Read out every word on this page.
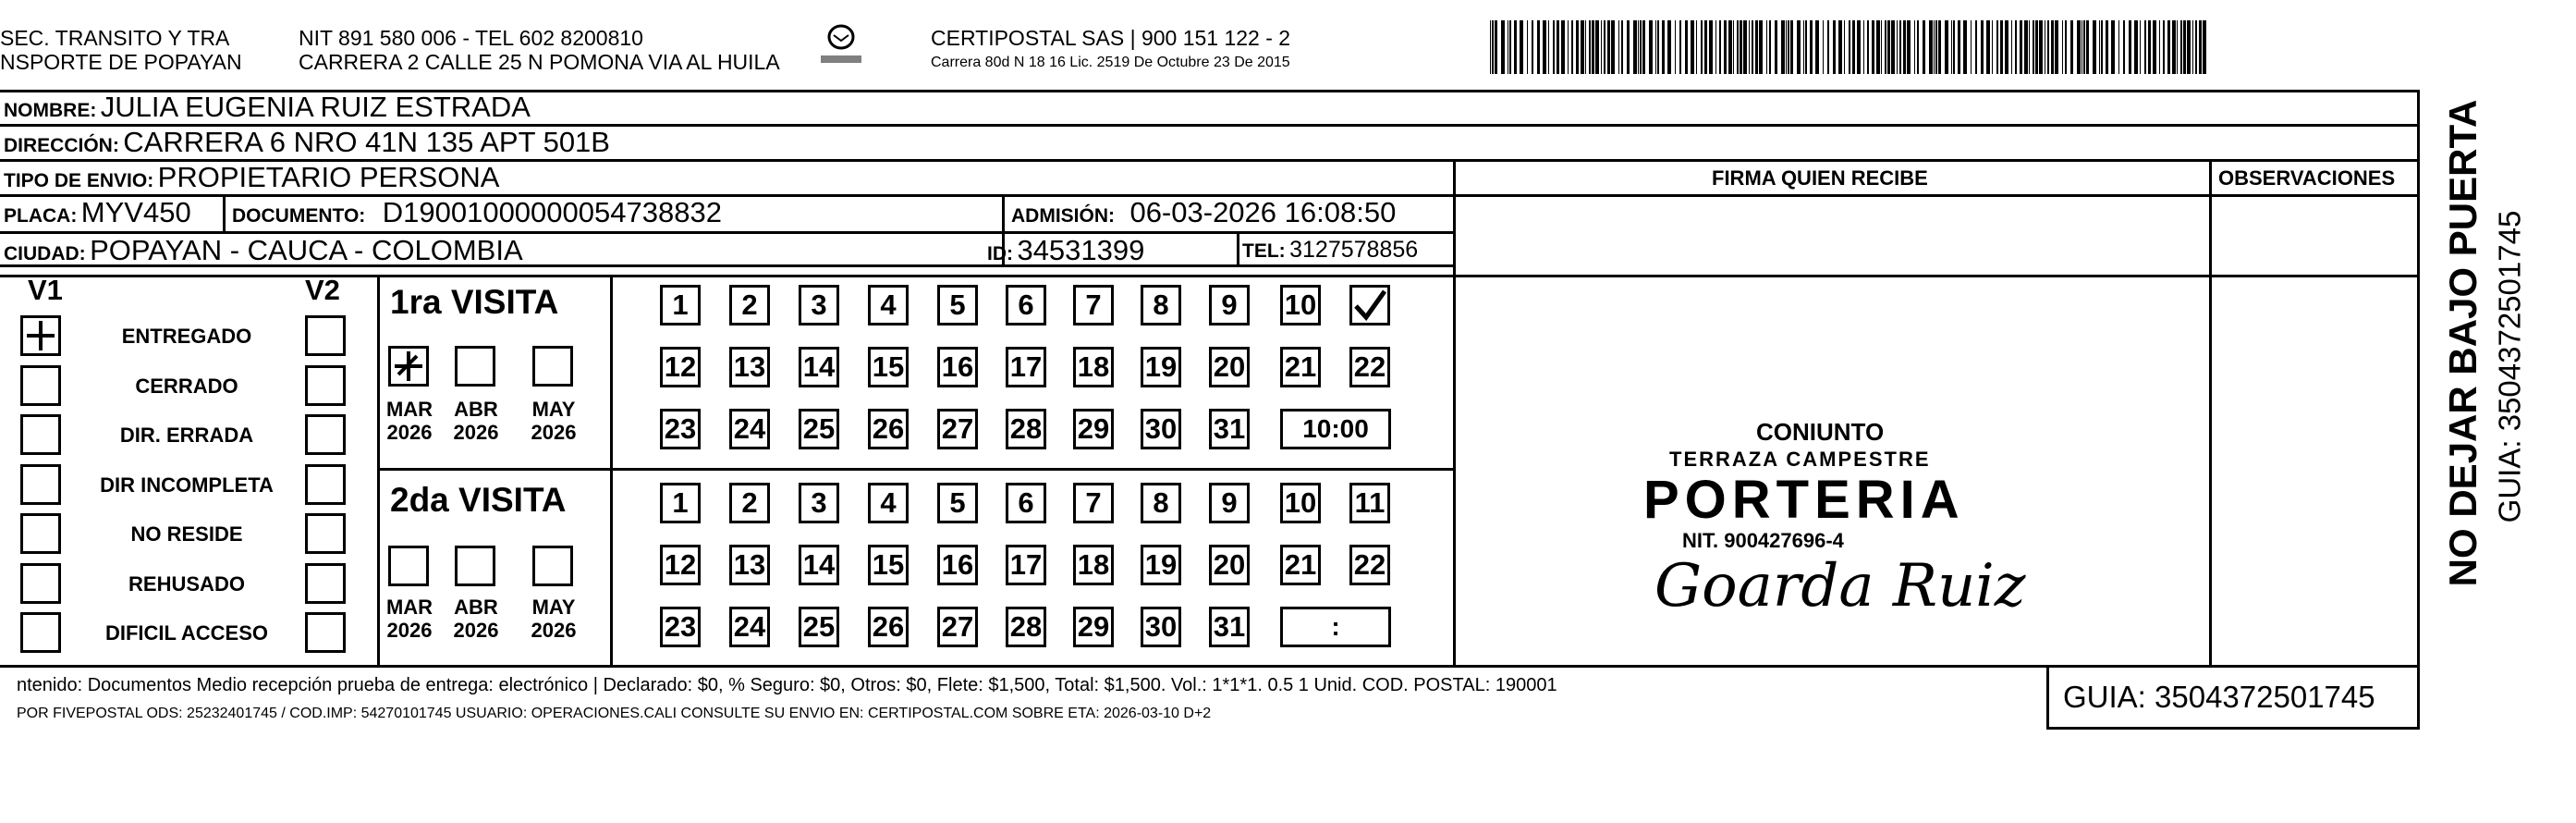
SEC. TRANSITO Y TRA
NSPORTE DE POPAYAN
NIT 891 580 006 - TEL 602 8200810
CARRERA 2 CALLE 25 N POMONA VIA AL HUILA
CERTIPOSTAL SAS | 900 151 122 - 2
Carrera 80d N 18 16 Lic. 2519 De Octubre 23 De 2015
NOMBRE: JULIA EUGENIA RUIZ ESTRADA
DIRECCIÓN: CARRERA 6 NRO 41N 135 APT 501B
TIPO DE ENVIO: PROPIETARIO PERSONA
PLACA: MYV450 DOCUMENTO: D19001000000054738832	ADMISIÓN: 06-03-2026 16:08:50
CIUDAD: POPAYAN - CAUCA - COLOMBIA	ID: 34531399	TEL: 3127578856
FIRMA QUIEN RECIBE	OBSERVACIONES
V1	V2
ENTREGADO
CERRADO
DIR. ERRADA
DIR INCOMPLETA
NO RESIDE
REHUSADO
DIFICIL ACCESO
1ra VISITA
2da VISITA
1	2	3	4	5	6	7	8	9	10
12 13 14 15 16 17 18 19 20 21 22
23 24 25 26 27 28 29 30 31	10:00
1	2	3	4	5	6	7	8	9	10 11
12 13 14 15 16 17 18 19 20 21 22
23 24 25 26 27 28 29 30 31	:
MAR
2026
ABR
2026
MAY
2026
MAR
2026
ABR
2026
MAY
2026
CONIUNTO
TERRAZA CAMPESTRE
PORTERIA
NIT. 900427696-4
Goarda Ruiz
ntenido: Documentos Medio recepción prueba de entrega: electrónico | Declarado: $0, % Seguro: $0, Otros: $0, Flete: $1,500, Total: $1,500. Vol.: 1*1*1. 0.5 1 Unid. COD. POSTAL: 190001
POR FIVEPOSTAL ODS: 25232401745 / COD.IMP: 54270101745 USUARIO: OPERACIONES.CALI CONSULTE SU ENVIO EN: CERTIPOSTAL.COM SOBRE ETA: 2026-03-10 D+2	GUIA: 3504372501745
NO DEJAR BAJO PUERTA GUIA: 3504372501745
